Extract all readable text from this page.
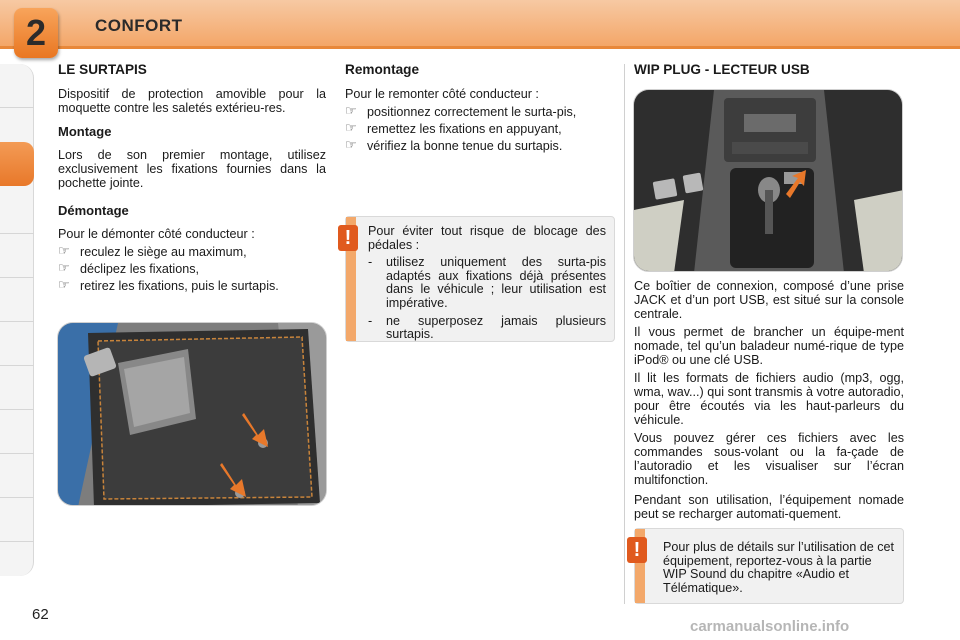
2	CONFORT
LE SURTAPIS
Dispositif de protection amovible pour la moquette contre les saletés extérieu-res.
Montage
Lors de son premier montage, utilisez exclusivement les fixations fournies dans la pochette jointe.
Démontage
Pour le démonter côté conducteur :
☞ reculez le siège au maximum,
☞ déclipez les fixations,
☞ retirez les fixations, puis le surtapis.
Remontage
Pour le remonter côté conducteur :
☞ positionnez correctement le surta-pis,
☞ remettez les fixations en appuyant,
☞ vérifiez la bonne tenue du surtapis.
!	Pour éviter tout risque de blocage des pédales :
- utilisez uniquement des surta-pis adaptés aux fixations déjà présentes dans le véhicule ; leur utilisation est impérative.
- ne superposez jamais plusieurs surtapis.
WIP PLUG - LECTEUR USB
Ce boîtier de connexion, composé d’une prise JACK et d’un port USB, est situé sur la console centrale.
Il vous permet de brancher un équipe-ment nomade, tel qu’un baladeur numé-rique de type iPod® ou une clé USB.
Il lit les formats de fichiers audio (mp3, ogg, wma, wav...) qui sont transmis à votre autoradio, pour être écoutés via les haut-parleurs du véhicule.
Vous pouvez gérer ces fichiers avec les commandes sous-volant ou la fa-çade de l’autoradio et les visualiser sur l’écran multifonction.
Pendant son utilisation, l’équipement nomade peut se recharger automati-quement.
!	Pour plus de détails sur l’utilisation de cet équipement, reportez-vous à la partie WIP Sound du chapitre «Audio et Télématique».
62
carmanualsonline.info
